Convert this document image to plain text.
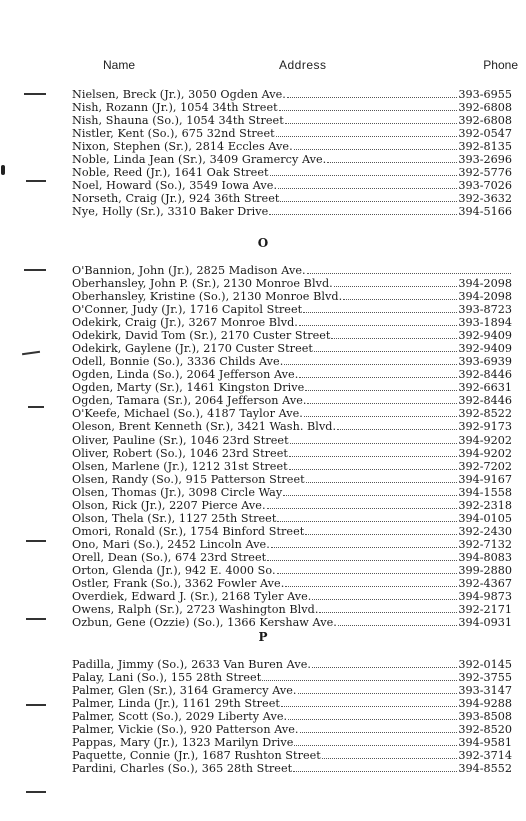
Name	Address	Phone
Nielsen, Breck (Jr.), 3050 Ogden Ave.	393-6955
Nish, Rozann (Jr.), 1054 34th Street	392-6808
Nish, Shauna (So.), 1054 34th Street	392-6808
Nistler, Kent (So.), 675 32nd Street	392-0547
Nixon, Stephen (Sr.), 2814 Eccles Ave.	392-8135
Noble, Linda Jean (Sr.), 3409 Gramercy Ave.	393-2696
Noble, Reed (Jr.), 1641 Oak Street	392-5776
Noel, Howard (So.), 3549 Iowa Ave.	393-7026
Norseth, Craig (Jr.), 924 36th Street	392-3632
Nye, Holly (Sr.), 3310 Baker Drive	394-5166
O
O'Bannion, John (Jr.), 2825 Madison Ave.
Oberhansley, John P. (Sr.), 2130 Monroe Blvd.	394-2098
Oberhansley, Kristine (So.), 2130 Monroe Blvd.	394-2098
O'Conner, Judy (Jr.), 1716 Capitol Street	393-8723
Odekirk, Craig (Jr.), 3267 Monroe Blvd.	393-1894
Odekirk, David Tom (Sr.), 2170 Custer Street	392-9409
Odekirk, Gaylene (Jr.), 2170 Custer Street	392-9409
Odell, Bonnie (So.), 3336 Childs Ave.	393-6939
Ogden, Linda (So.), 2064 Jefferson Ave.	392-8446
Ogden, Marty (Sr.), 1461 Kingston Drive	392-6631
Ogden, Tamara (Sr.), 2064 Jefferson Ave.	392-8446
O'Keefe, Michael (So.), 4187 Taylor Ave.	392-8522
Oleson, Brent Kenneth (Sr.), 3421 Wash. Blvd.	392-9173
Oliver, Pauline (Sr.), 1046 23rd Street	394-9202
Oliver, Robert (So.), 1046 23rd Street	394-9202
Olsen, Marlene (Jr.), 1212 31st Street	392-7202
Olsen, Randy (So.), 915 Patterson Street	394-9167
Olsen, Thomas (Jr.), 3098 Circle Way	394-1558
Olson, Rick (Jr.), 2207 Pierce Ave.	392-2318
Olson, Thela (Sr.), 1127 25th Street	394-0105
Omori, Ronald (Sr.), 1754 Binford Street	392-2430
Ono, Mari (So.), 2452 Lincoln Ave.	392-7132
Orell, Dean (So.), 674 23rd Street	394-8083
Orton, Glenda (Jr.), 942 E. 4000 So.	399-2880
Ostler, Frank (So.), 3362 Fowler Ave.	392-4367
Overdiek, Edward J. (Sr.), 2168 Tyler Ave.	394-9873
Owens, Ralph (Sr.), 2723 Washington Blvd.	392-2171
Ozbun, Gene (Ozzie) (So.), 1366 Kershaw Ave.	394-0931
P
Padilla, Jimmy (So.), 2633 Van Buren Ave.	392-0145
Palay, Lani (So.), 155 28th Street	392-3755
Palmer, Glen (Sr.), 3164 Gramercy Ave.	393-3147
Palmer, Linda (Jr.), 1161 29th Street	394-9288
Palmer, Scott (So.), 2029 Liberty Ave.	393-8508
Palmer, Vickie (So.), 920 Patterson Ave.	392-8520
Pappas, Mary (Jr.), 1323 Marilyn Drive	394-9581
Paquette, Connie (Jr.), 1687 Rushton Street	392-3714
Pardini, Charles (So.), 365 28th Street	394-8552
